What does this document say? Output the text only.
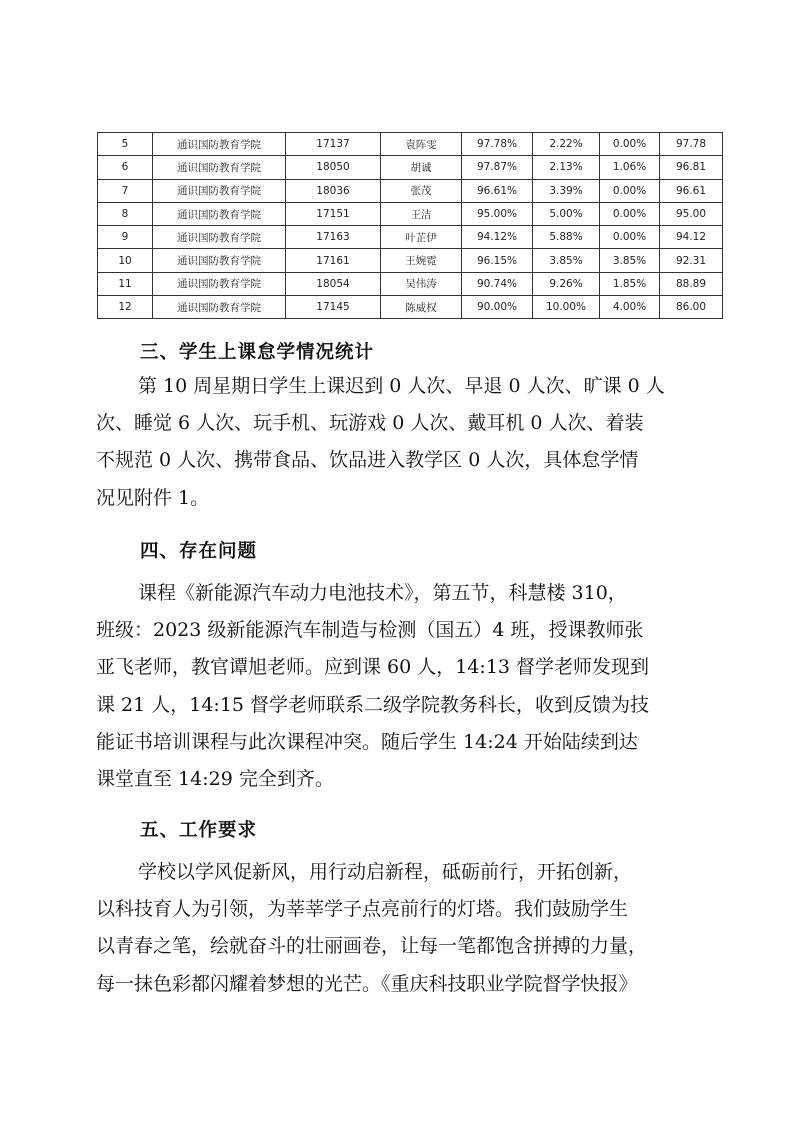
5	通识国防教育学院	17137	袁阵雯	97.78%	2.22%	0.00%	97.78
6	通识国防教育学院	18050	胡诚	97.87%	2.13%	1.06%	96.81
7	通识国防教育学院	18036	张茂	96.61%	3.39%	0.00%	96.61
8	通识国防教育学院	17151	王洁	95.00%	5.00%	0.00%	95.00
9	通识国防教育学院	17163	叶芷伊	94.12%	5.88%	0.00%	94.12
10	通识国防教育学院	17161	王婉霓	96.15%	3.85%	3.85%	92.31
11	通识国防教育学院	18054	吴伟涛	90.74%	9.26%	1.85%	88.89
12	通识国防教育学院	17145	陈威权	90.00%	10.00%	4.00%	86.00
三、学生上课怠学情况统计
第 10 周星期日学生上课迟到 0 人次、早退 0 人次、旷课 0 人
次、睡觉 6 人次、玩手机、玩游戏 0 人次、戴耳机 0 人次、着装
不规范 0 人次、携带食品、饮品进入教学区 0 人次，具体怠学情
况见附件 1。
四、存在问题
课程《新能源汽车动力电池技术》，第五节，科慧楼 310，
班级：2023 级新能源汽车制造与检测（国五）4 班，授课教师张
亚飞老师，教官谭旭老师。应到课 60 人，14:13 督学老师发现到
课 21 人，14:15 督学老师联系二级学院教务科长，收到反馈为技
能证书培训课程与此次课程冲突。随后学生 14:24 开始陆续到达
课堂直至 14:29 完全到齐。
五、工作要求
学校以学风促新风，用行动启新程，砥砺前行，开拓创新，
以科技育人为引领，为莘莘学子点亮前行的灯塔。我们鼓励学生
以青春之笔，绘就奋斗的壮丽画卷，让每一笔都饱含拼搏的力量，
每一抹色彩都闪耀着梦想的光芒。《重庆科技职业学院督学快报》
